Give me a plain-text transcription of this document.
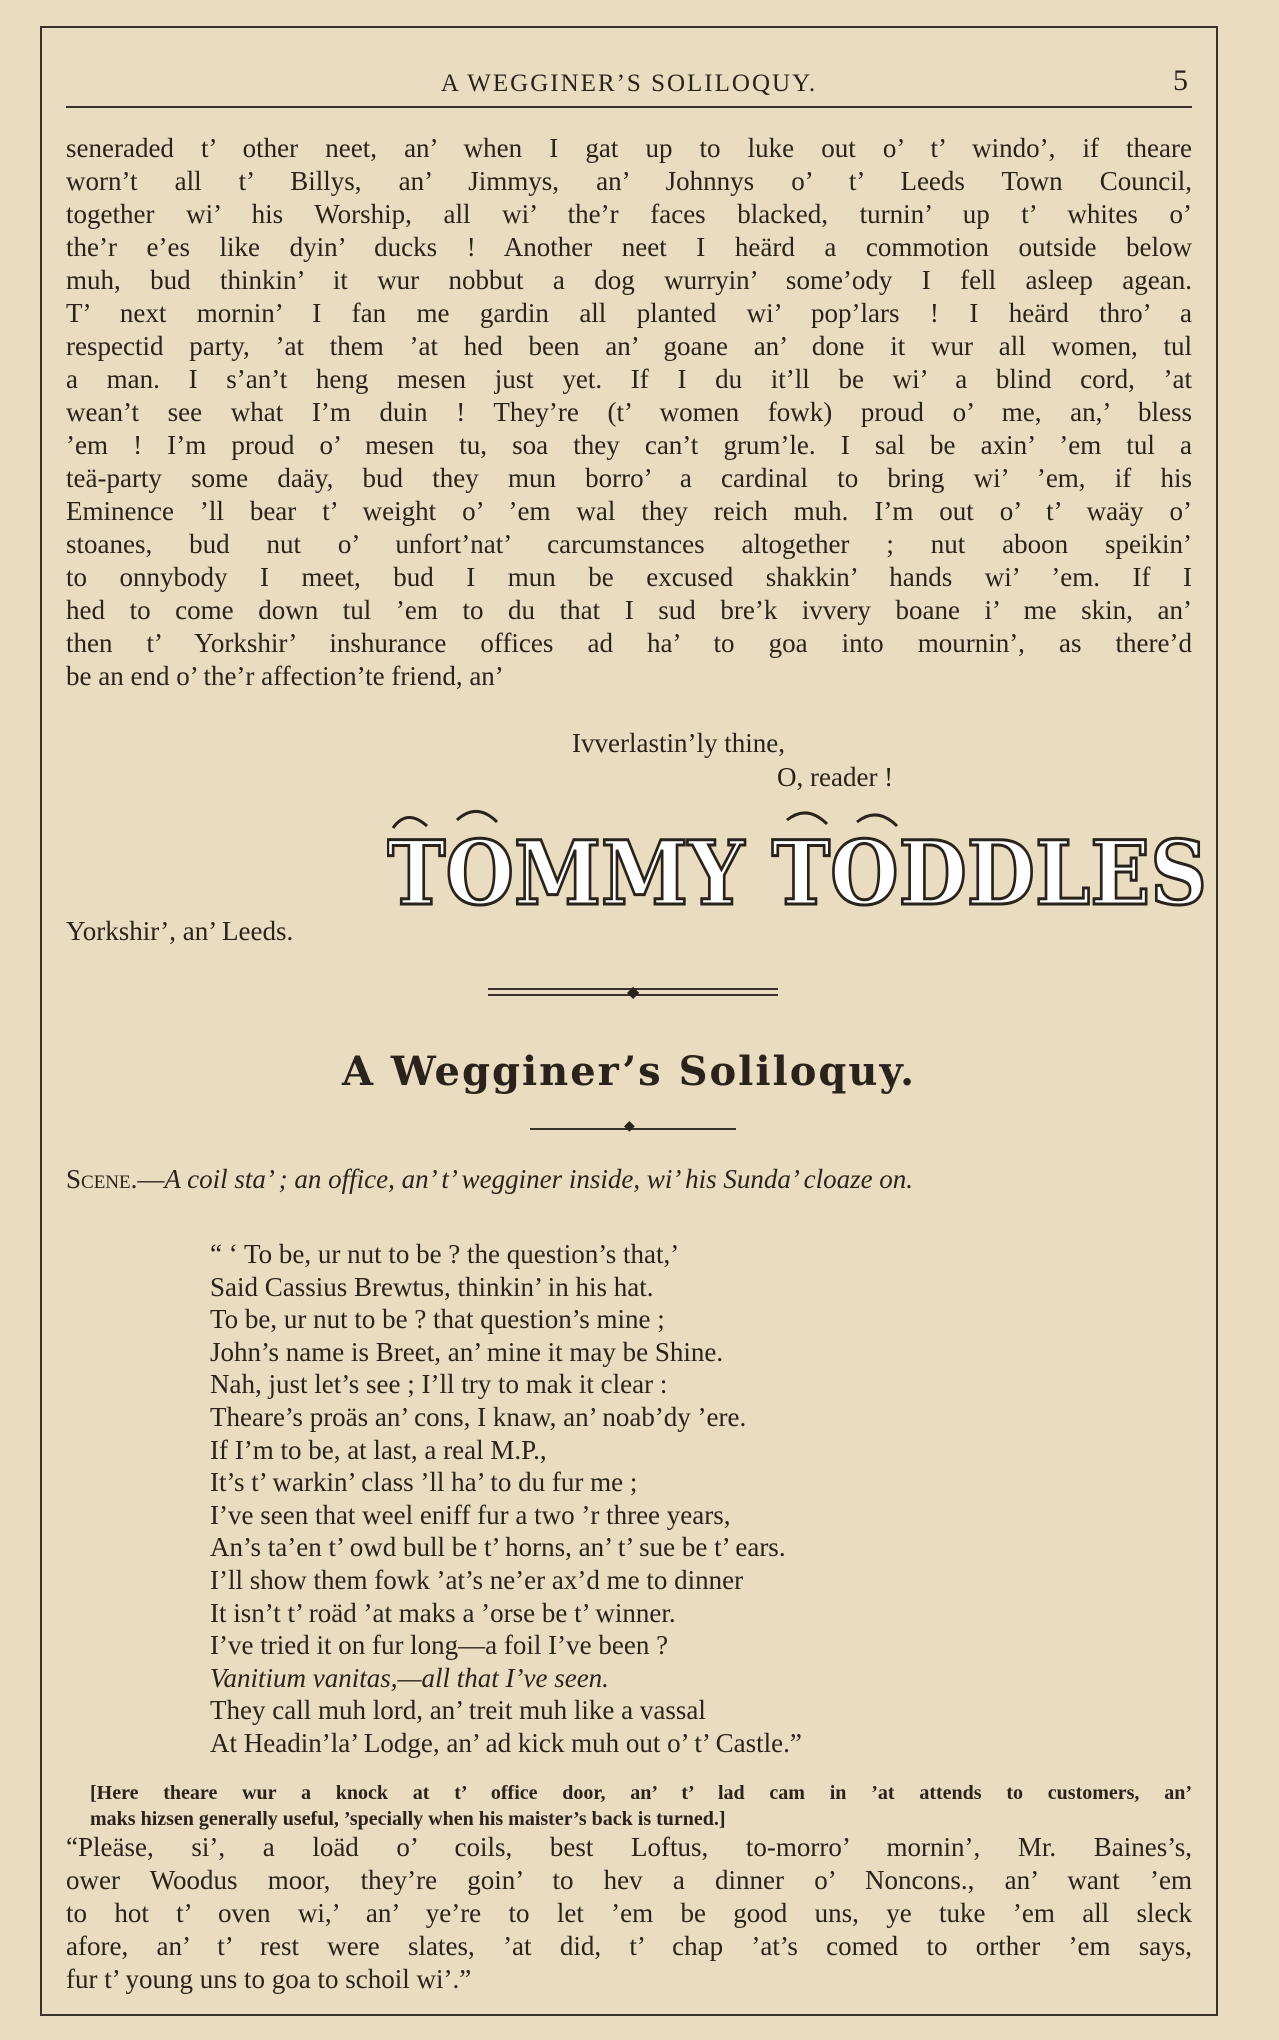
A WEGGINER’S SOLILOQUY.	5
seneraded t’ other neet, an’ when I gat up to luke out o’ t’ windo’, if theare
worn’t all t’ Billys, an’ Jimmys, an’ Johnnys o’ t’ Leeds Town Council,
together wi’ his Worship, all wi’ the’r faces blacked, turnin’ up t’ whites o’
the’r e’es like dyin’ ducks ! Another neet I heärd a commotion outside below
muh, bud thinkin’ it wur nobbut a dog wurryin’ some’ody I fell asleep agean.
T’ next mornin’ I fan me gardin all planted wi’ pop’lars ! I heärd thro’ a
respectid party, ’at them ’at hed been an’ goane an’ done it wur all women, tul
a man. I s’an’t heng mesen just yet. If I du it’ll be wi’ a blind cord, ’at
wean’t see what I’m duin ! They’re (t’ women fowk) proud o’ me, an,’ bless
’em ! I’m proud o’ mesen tu, soa they can’t grum’le. I sal be axin’ ’em tul a
teä-party some daäy, bud they mun borro’ a cardinal to bring wi’ ’em, if his
Eminence ’ll bear t’ weight o’ ’em wal they reich muh. I’m out o’ t’ waäy o’
stoanes, bud nut o’ unfort’nat’ carcumstances altogether ; nut aboon speikin’
to onnybody I meet, bud I mun be excused shakkin’ hands wi’ ’em. If I
hed to come down tul ’em to du that I sud bre’k ivvery boane i’ me skin, an’
then t’ Yorkshir’ inshurance offices ad ha’ to goa into mournin’, as there’d
be an end o’ the’r affection’te friend, an’
Ivverlastin’ly thine,
O, reader !
TOMMY TODDLES
Yorkshir’, an’ Leeds.
◆
A Wegginer’s Soliloquy.
◆
Scene.—A coil sta’ ; an office, an’ t’ wegginer inside, wi’ his Sunda’ cloaze on.
“ ‘ To be, ur nut to be ? the question’s that,’
Said Cassius Brewtus, thinkin’ in his hat.
To be, ur nut to be ? that question’s mine ;
John’s name is Breet, an’ mine it may be Shine.
Nah, just let’s see ; I’ll try to mak it clear :
Theare’s proäs an’ cons, I knaw, an’ noab’dy ’ere.
If I’m to be, at last, a real M.P.,
It’s t’ warkin’ class ’ll ha’ to du fur me ;
I’ve seen that weel eniff fur a two ’r three years,
An’s ta’en t’ owd bull be t’ horns, an’ t’ sue be t’ ears.
I’ll show them fowk ’at’s ne’er ax’d me to dinner
It isn’t t’ roäd ’at maks a ’orse be t’ winner.
I’ve tried it on fur long—a foil I’ve been ?
Vanitium vanitas,—all that I’ve seen.
They call muh lord, an’ treit muh like a vassal
At Headin’la’ Lodge, an’ ad kick muh out o’ t’ Castle.”
[Here theare wur a knock at t’ office door, an’ t’ lad cam in ’at attends to customers, an’
maks hizsen generally useful, ’specially when his maister’s back is turned.]
“Pleäse, si’, a loäd o’ coils, best Loftus, to-morro’ mornin’, Mr. Baines’s,
ower Woodus moor, they’re goin’ to hev a dinner o’ Noncons., an’ want ’em
to hot t’ oven wi,’ an’ ye’re to let ’em be good uns, ye tuke ’em all sleck
afore, an’ t’ rest were slates, ’at did, t’ chap ’at’s comed to orther ’em says,
fur t’ young uns to goa to schoil wi’.”
